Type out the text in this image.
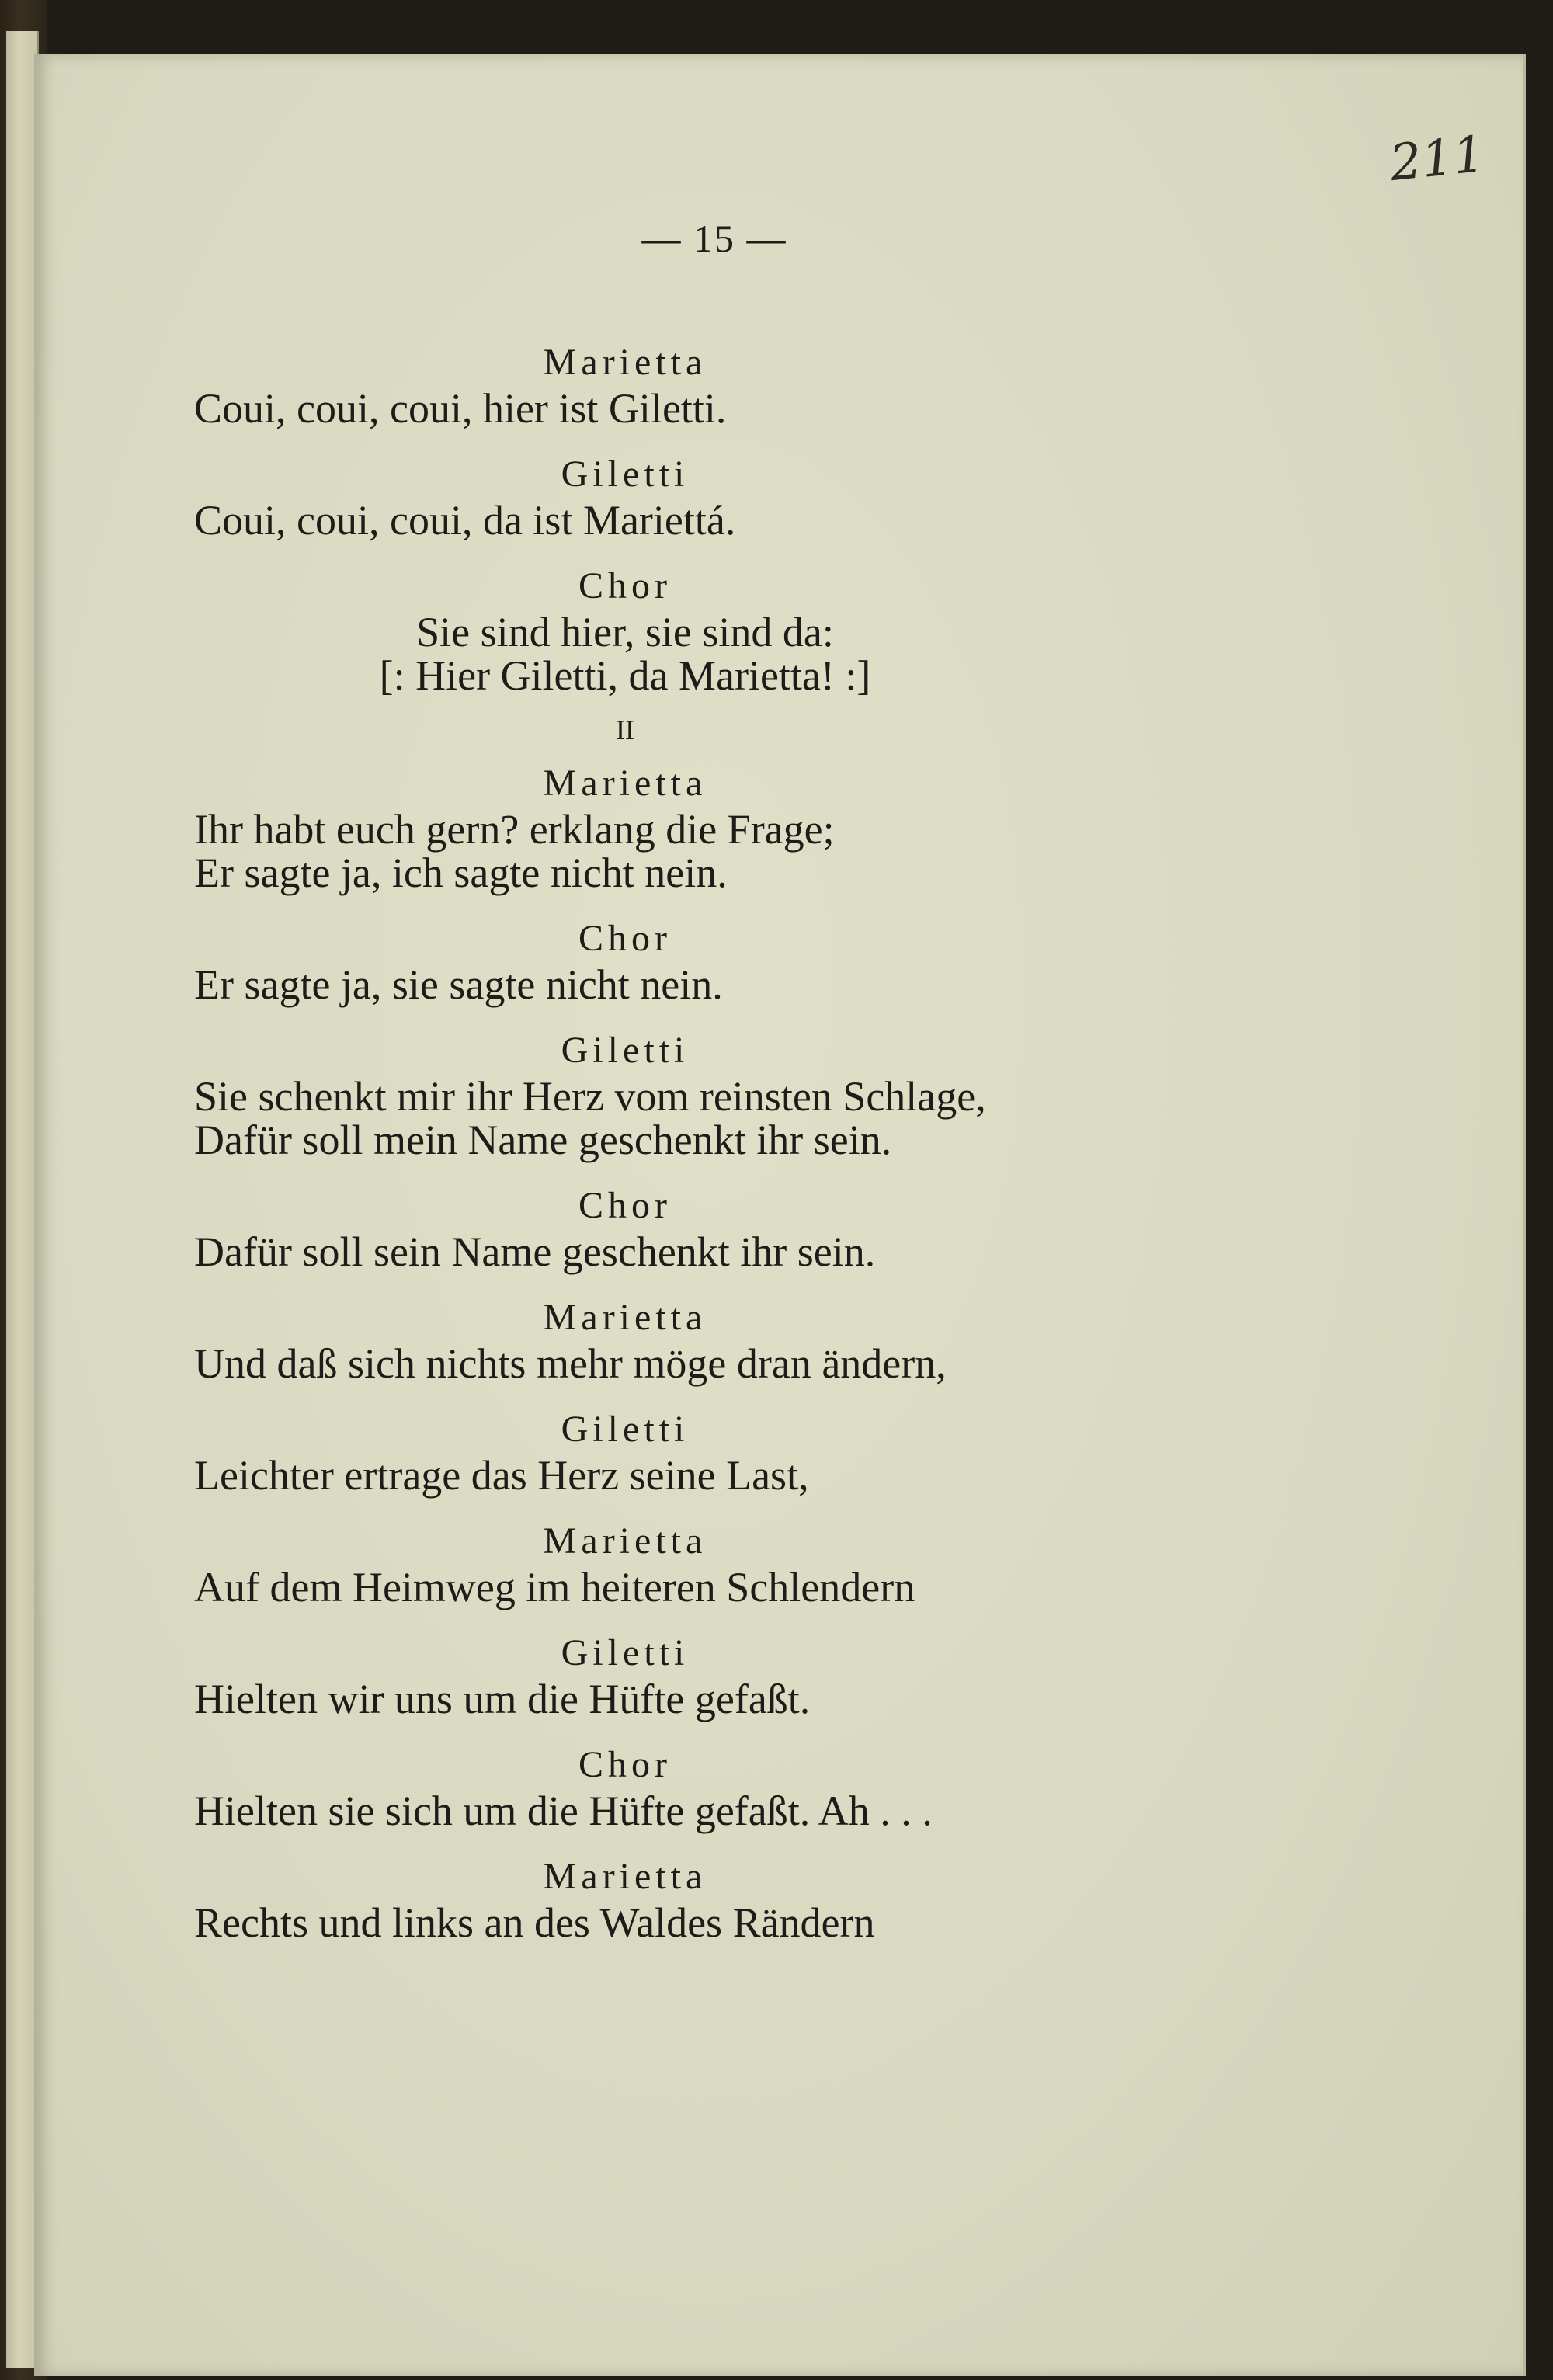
211
— 15 —

Marietta

Coui, coui, coui, hier ist Giletti.

Giletti

Coui, coui, coui, da ist Mariettá.

Chor

Sie sind hier, sie sind da:

[: Hier Giletti, da Marietta! :]

II

Marietta

Ihr habt euch gern? erklang die Frage;

Er sagte ja, ich sagte nicht nein.

Chor

Er sagte ja, sie sagte nicht nein.

Giletti

Sie schenkt mir ihr Herz vom reinsten Schlage,

Dafür soll mein Name geschenkt ihr sein.

Chor

Dafür soll sein Name geschenkt ihr sein.

Marietta

Und daß sich nichts mehr möge dran ändern,

Giletti

Leichter ertrage das Herz seine Last,

Marietta

Auf dem Heimweg im heiteren Schlendern

Giletti

Hielten wir uns um die Hüfte gefaßt.

Chor

Hielten sie sich um die Hüfte gefaßt. Ah . . .

Marietta

Rechts und links an des Waldes Rändern
